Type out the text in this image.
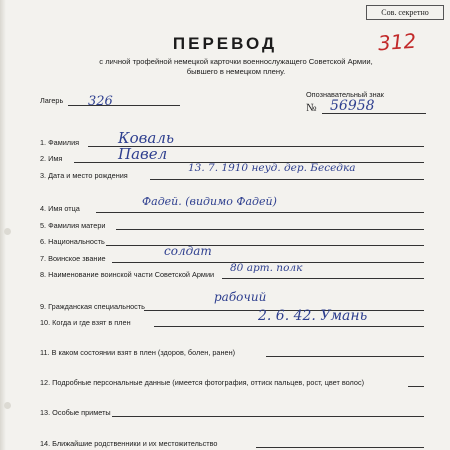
Сов. секретно
312
ПЕРЕВОД
с личной трофейной немецкой карточки военнослужащего Советской Армии,
бывшего в немецком плену.
Лагерь 326	Опознавательный знак
№ 56958
1. Фамилия	Коваль
2. Имя	Павел
3. Дата и место рождения
13. 7. 1910 неуд. дер. Беседка
4. Имя отца
Фадей. (видимо Фадей)
5. Фамилия матери
6. Национальность
7. Воинское звание
солдат
8. Наименование воинской части Советской Армии
80 арт. полк
9. Гражданская специальность
рабочий
10. Когда и где взят в плен	2. 6. 42. Умань
11. В каком состоянии взят в плен (здоров, болен, ранен)
12. Подробные персональные данные (имеется фотография, оттиск пальцев, рост, цвет волос)
13. Особые приметы
14. Ближайшие родственники и их местожительство
